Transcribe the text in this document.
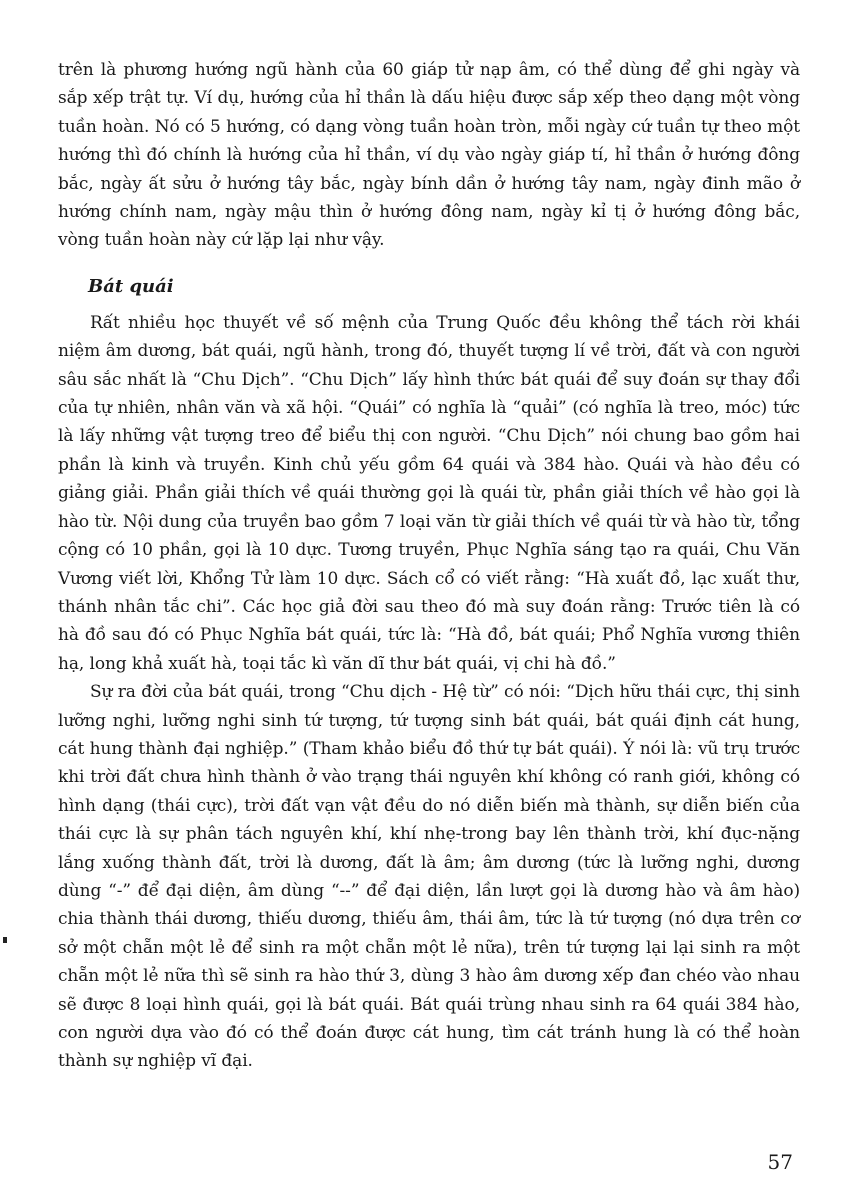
trên là phương hướng ngũ hành của 60 giáp tử nạp âm, có thể dùng để ghi ngày và sắp xếp trật tự. Ví dụ, hướng của hỉ thần là dấu hiệu được sắp xếp theo dạng một vòng tuần hoàn. Nó có 5 hướng, có dạng vòng tuần hoàn tròn, mỗi ngày cứ tuần tự theo một hướng thì đó chính là hướng của hỉ thần, ví dụ vào ngày giáp tí, hỉ thần ở hướng đông bắc, ngày ất sửu ở hướng tây bắc, ngày bính dần ở hướng tây nam, ngày đinh mão ở hướng chính nam, ngày mậu thìn ở hướng đông nam, ngày kỉ tị ở hướng đông bắc, vòng tuần hoàn này cứ lặp lại như vậy.

Bát quái

Rất nhiều học thuyết về số mệnh của Trung Quốc đều không thể tách rời khái niệm âm dương, bát quái, ngũ hành, trong đó, thuyết tượng lí về trời, đất và con người sâu sắc nhất là “Chu Dịch”. “Chu Dịch” lấy hình thức bát quái để suy đoán sự thay đổi của tự nhiên, nhân văn và xã hội. “Quái” có nghĩa là “quải” (có nghĩa là treo, móc) tức là lấy những vật tượng treo để biểu thị con người. “Chu Dịch” nói chung bao gồm hai phần là kinh và truyền. Kinh chủ yếu gồm 64 quái và 384 hào. Quái và hào đều có giảng giải. Phần giải thích về quái thường gọi là quái từ, phần giải thích về hào gọi là hào từ. Nội dung của truyền bao gồm 7 loại văn từ giải thích về quái từ và hào từ, tổng cộng có 10 phần, gọi là 10 dực. Tương truyền, Phục Nghĩa sáng tạo ra quái, Chu Văn Vương viết lời, Khổng Tử làm 10 dực. Sách cổ có viết rằng: “Hà xuất đồ, lạc xuất thư, thánh nhân tắc chi”. Các học giả đời sau theo đó mà suy đoán rằng: Trước tiên là có hà đồ sau đó có Phục Nghĩa bát quái, tức là: “Hà đồ, bát quái; Phổ Nghĩa vương thiên hạ, long khả xuất hà, toại tắc kì văn dĩ thư bát quái, vị chi hà đồ.”

Sự ra đời của bát quái, trong “Chu dịch - Hệ từ” có nói: “Dịch hữu thái cực, thị sinh lưỡng nghi, lưỡng nghi sinh tứ tượng, tứ tượng sinh bát quái, bát quái định cát hung, cát hung thành đại nghiệp.” (Tham khảo biểu đồ thứ tự bát quái). Ý nói là: vũ trụ trước khi trời đất chưa hình thành ở vào trạng thái nguyên khí không có ranh giới, không có hình dạng (thái cực), trời đất vạn vật đều do nó diễn biến mà thành, sự diễn biến của thái cực là sự phân tách nguyên khí, khí nhẹ-trong bay lên thành trời, khí đục-nặng lắng xuống thành đất, trời là dương, đất là âm; âm dương (tức là lưỡng nghi, dương dùng “-” để đại diện, âm dùng “--” để đại diện, lần lượt gọi là dương hào và âm hào) chia thành thái dương, thiếu dương, thiếu âm, thái âm, tức là tứ tượng (nó dựa trên cơ sở một chẵn một lẻ để sinh ra một chẵn một lẻ nữa), trên tứ tượng lại lại sinh ra một chẵn một lẻ nữa thì sẽ sinh ra hào thứ 3, dùng 3 hào âm dương xếp đan chéo vào nhau sẽ được 8 loại hình quái, gọi là bát quái. Bát quái trùng nhau sinh ra 64 quái 384 hào, con người dựa vào đó có thể đoán được cát hung, tìm cát tránh hung là có thể hoàn thành sự nghiệp vĩ đại.

57
